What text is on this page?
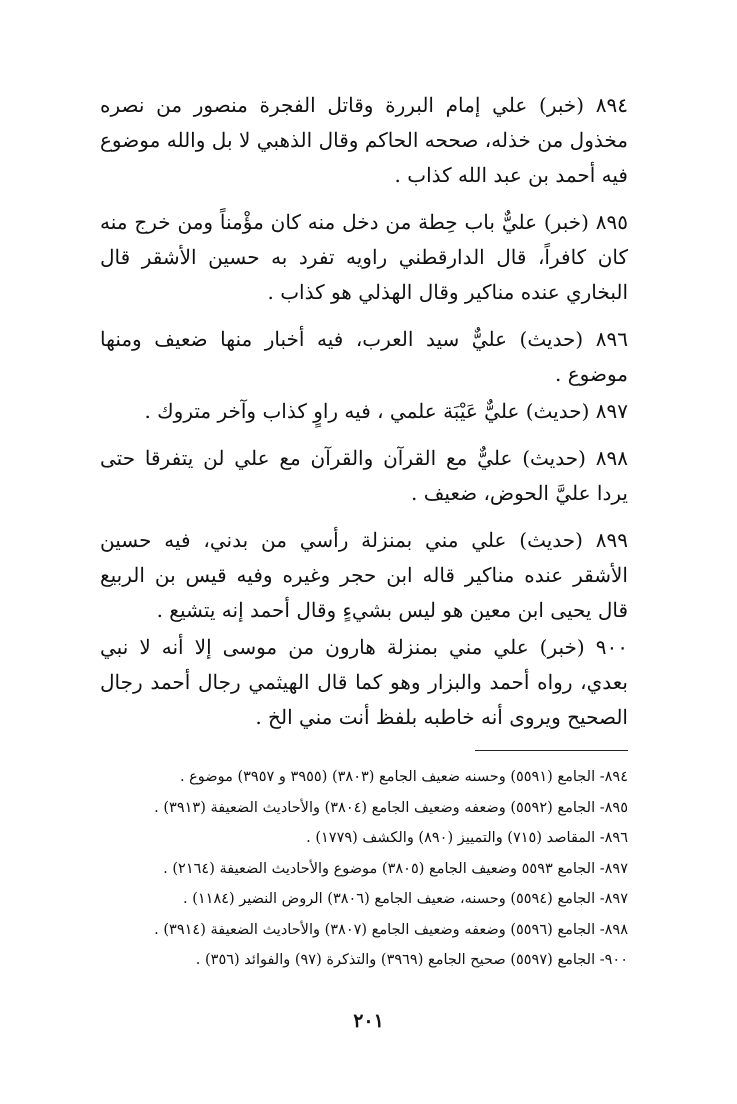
٨٩٤ (خبر) علي إمام البررة وقاتل الفجرة منصور من نصره مخذول من خذله، صححه الحاكم وقال الذهبي لا بل والله موضوع فيه أحمد بن عبد الله كذاب .

٨٩٥ (خبر) عليٌّ باب حِطة من دخل منه كان مؤْمناً ومن خرج منه كان كافراً، قال الدارقطني راويه تفرد به حسين الأشقر قال البخاري عنده مناكير وقال الهذلي هو كذاب .

٨٩٦ (حديث) عليٌّ سيد العرب، فيه أخبار منها ضعيف ومنها موضوع .

٨٩٧ (حديث) عليٌّ عَيْبَة علمي ، فيه راوٍ كذاب وآخر متروك .

٨٩٨ (حديث) عليٌّ مع القرآن والقرآن مع علي لن يتفرقا حتى يردا عليَّ الحوض، ضعيف .

٨٩٩ (حديث) علي مني بمنزلة رأسي من بدني، فيه حسين الأشقر عنده مناكير قاله ابن حجر وغيره وفيه قيس بن الربيع قال يحيى ابن معين هو ليس بشيءٍ وقال أحمد إنه يتشيع .

٩٠٠ (خبر) علي مني بمنزلة هارون من موسى إلا أنه لا نبي بعدي، رواه أحمد والبزار وهو كما قال الهيثمي رجال أحمد رجال الصحيح ويروى أنه خاطبه بلفظ أنت مني الخ .

٨٩٤- الجامع (٥٥٩١) وحسنه ضعيف الجامع (٣٨٠٣) (٣٩٥٥ و ٣٩٥٧) موضوع .
٨٩٥- الجامع (٥٥٩٢) وضعفه وضعيف الجامع (٣٨٠٤) والأحاديث الضعيفة (٣٩١٣) .
٨٩٦- المقاصد (٧١٥) والتمييز (٨٩٠) والكشف (١٧٧٩) .
٨٩٧- الجامع ٥٥٩٣ وضعيف الجامع (٣٨٠٥) موضوع والأحاديث الضعيفة (٢١٦٤) .
٨٩٧- الجامع (٥٥٩٤) وحسنه، ضعيف الجامع (٣٨٠٦) الروض النضير (١١٨٤) .
٨٩٨- الجامع (٥٥٩٦) وضعفه وضعيف الجامع (٣٨٠٧) والأحاديث الضعيفة (٣٩١٤) .
٩٠٠- الجامع (٥٥٩٧) صحيح الجامع (٣٩٦٩) والتذكرة (٩٧) والفوائد (٣٥٦) .
٢٠١
